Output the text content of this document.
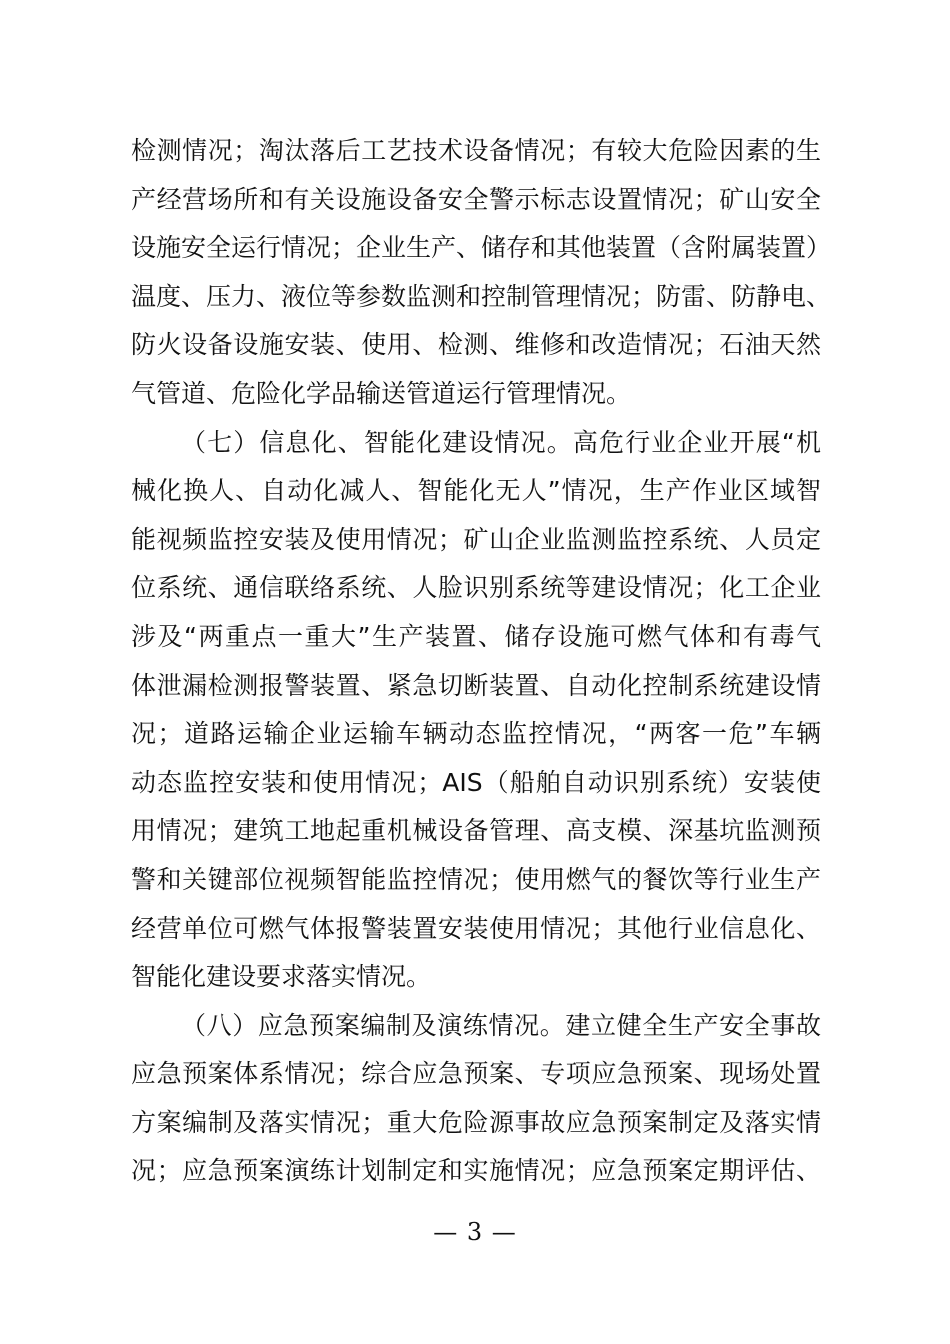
检测情况；淘汰落后工艺技术设备情况；有较大危险因素的生
产经营场所和有关设施设备安全警示标志设置情况；矿山安全
设施安全运行情况；企业生产、储存和其他装置（含附属装置）
温度、压力、液位等参数监测和控制管理情况；防雷、防静电、
防火设备设施安装、使用、检测、维修和改造情况；石油天然
气管道、危险化学品输送管道运行管理情况。
（七）信息化、智能化建设情况。高危行业企业开展“机
械化换人、自动化减人、智能化无人”情况，生产作业区域智
能视频监控安装及使用情况；矿山企业监测监控系统、人员定
位系统、通信联络系统、人脸识别系统等建设情况；化工企业
涉及“两重点一重大”生产装置、储存设施可燃气体和有毒气
体泄漏检测报警装置、紧急切断装置、自动化控制系统建设情
况；道路运输企业运输车辆动态监控情况，“两客一危”车辆
动态监控安装和使用情况；AIS（船舶自动识别系统）安装使
用情况；建筑工地起重机械设备管理、高支模、深基坑监测预
警和关键部位视频智能监控情况；使用燃气的餐饮等行业生产
经营单位可燃气体报警装置安装使用情况；其他行业信息化、
智能化建设要求落实情况。
（八）应急预案编制及演练情况。建立健全生产安全事故
应急预案体系情况；综合应急预案、专项应急预案、现场处置
方案编制及落实情况；重大危险源事故应急预案制定及落实情
况；应急预案演练计划制定和实施情况；应急预案定期评估、
— 3 —
